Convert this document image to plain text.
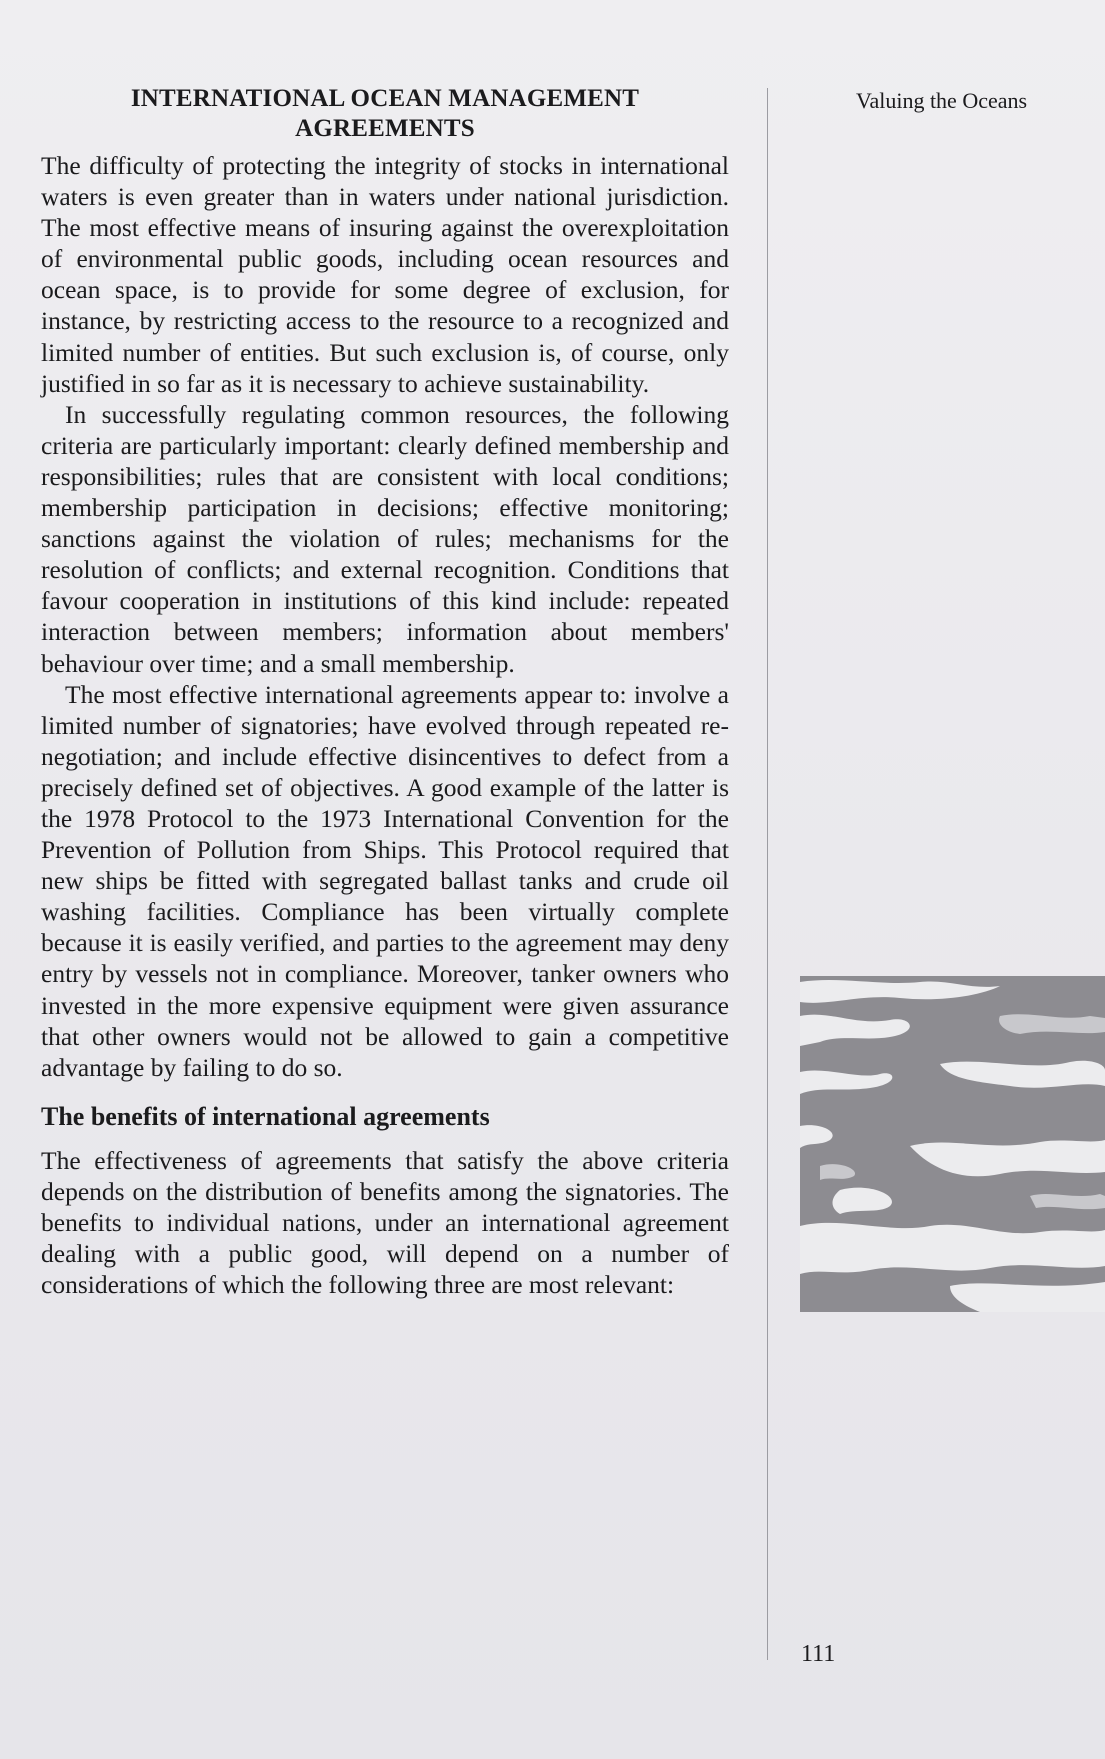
INTERNATIONAL OCEAN MANAGEMENT
AGREEMENTS

The difficulty of protecting the integrity of stocks in international waters is even greater than in waters under national jurisdiction. The most effective means of insuring against the overexploitation of environmental public goods, including ocean resources and ocean space, is to provide for some degree of exclusion, for instance, by restricting access to the resource to a recognized and limited number of entities. But such exclusion is, of course, only justified in so far as it is necessary to achieve sustainability.

In successfully regulating common resources, the following criteria are particularly important: clearly defined membership and responsibilities; rules that are consistent with local conditions; membership participation in decisions; effective monitoring; sanctions against the violation of rules; mechanisms for the resolution of conflicts; and external recognition. Conditions that favour cooperation in institutions of this kind include: repeated interaction between members; information about members' behaviour over time; and a small membership.

The most effective international agreements appear to: involve a limited number of signatories; have evolved through repeated re-negotiation; and include effective disincentives to defect from a precisely defined set of objectives. A good example of the latter is the 1978 Protocol to the 1973 International Convention for the Prevention of Pollution from Ships. This Protocol required that new ships be fitted with segregated ballast tanks and crude oil washing facilities. Compliance has been virtually complete because it is easily verified, and parties to the agreement may deny entry by vessels not in compliance. Moreover, tanker owners who invested in the more expensive equipment were given assurance that other owners would not be allowed to gain a competitive advantage by failing to do so.

The benefits of international agreements

The effectiveness of agreements that satisfy the above criteria depends on the distribution of benefits among the signatories. The benefits to individual nations, under an international agreement dealing with a public good, will depend on a number of considerations of which the following three are most relevant:

Valuing the Oceans
111
